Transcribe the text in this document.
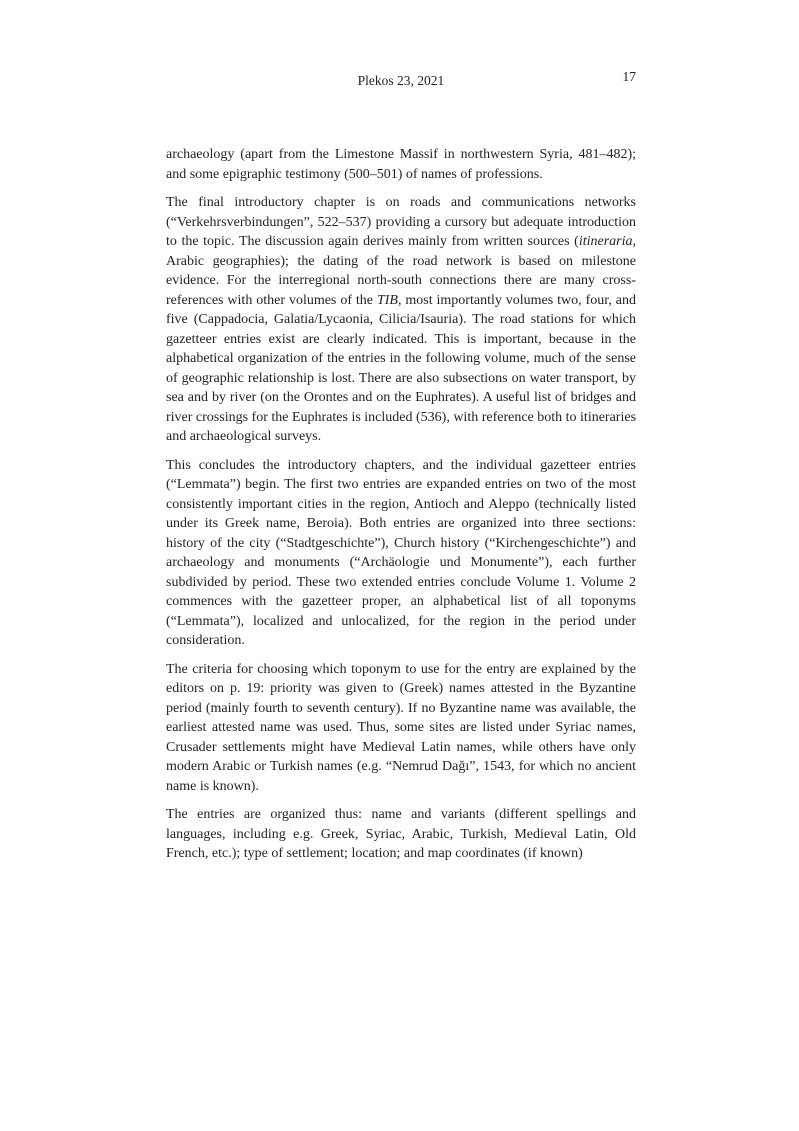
Plekos 23, 2021	17

archaeology (apart from the Limestone Massif in northwestern Syria, 481–482); and some epigraphic testimony (500–501) of names of professions.

The final introductory chapter is on roads and communications networks (“Verkehrsverbindungen”, 522–537) providing a cursory but adequate introduction to the topic. The discussion again derives mainly from written sources (itineraria, Arabic geographies); the dating of the road network is based on milestone evidence. For the interregional north-south connections there are many cross-references with other volumes of the TIB, most importantly volumes two, four, and five (Cappadocia, Galatia/Lycaonia, Cilicia/Isauria). The road stations for which gazetteer entries exist are clearly indicated. This is important, because in the alphabetical organization of the entries in the following volume, much of the sense of geographic relationship is lost. There are also subsections on water transport, by sea and by river (on the Orontes and on the Euphrates). A useful list of bridges and river crossings for the Euphrates is included (536), with reference both to itineraries and archaeological surveys.

This concludes the introductory chapters, and the individual gazetteer entries (“Lemmata”) begin. The first two entries are expanded entries on two of the most consistently important cities in the region, Antioch and Aleppo (technically listed under its Greek name, Beroia). Both entries are organized into three sections: history of the city (“Stadtgeschichte”), Church history (“Kirchengeschichte”) and archaeology and monuments (“Archäologie und Monumente”), each further subdivided by period. These two extended entries conclude Volume 1. Volume 2 commences with the gazetteer proper, an alphabetical list of all toponyms (“Lemmata”), localized and unlocalized, for the region in the period under consideration.

The criteria for choosing which toponym to use for the entry are explained by the editors on p. 19: priority was given to (Greek) names attested in the Byzantine period (mainly fourth to seventh century). If no Byzantine name was available, the earliest attested name was used. Thus, some sites are listed under Syriac names, Crusader settlements might have Medieval Latin names, while others have only modern Arabic or Turkish names (e.g. “Nemrud Dağı”, 1543, for which no ancient name is known).

The entries are organized thus: name and variants (different spellings and languages, including e.g. Greek, Syriac, Arabic, Turkish, Medieval Latin, Old French, etc.); type of settlement; location; and map coordinates (if known)
